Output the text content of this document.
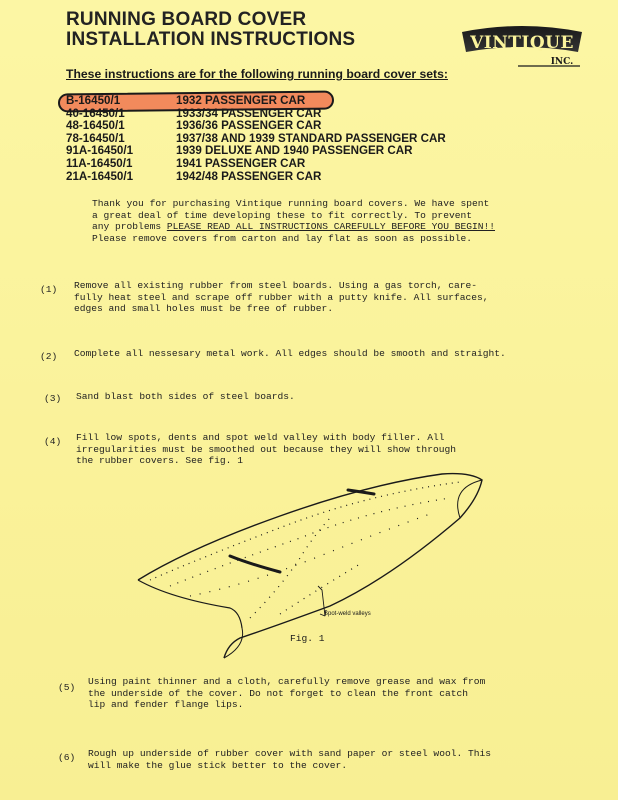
RUNNING BOARD COVER
INSTALLATION INSTRUCTIONS	VINTIQUE
INC.
These instructions are for the following running board cover sets:
B-16450/1	1932 PASSENGER CAR
40-16450/1	1933/34 PASSENGER CAR
48-16450/1	1936/36 PASSENGER CAR
78-16450/1	1937/38 AND 1939 STANDARD PASSENGER CAR
91A-16450/1	1939 DELUXE AND 1940 PASSENGER CAR
11A-16450/1	1941 PASSENGER CAR
21A-16450/1	1942/48 PASSENGER CAR
Thank you for purchasing Vintique running board covers. We have spent
a great deal of time developing these to fit correctly. To prevent
any problems PLEASE READ ALL INSTRUCTIONS CAREFULLY BEFORE YOU BEGIN!!
Please remove covers from carton and lay flat as soon as possible.
(1) Remove all existing rubber from steel boards. Using a gas torch, care-
fully heat steel and scrape off rubber with a putty knife. All surfaces,
edges and small holes must be free of rubber.
(2) Complete all nessesary metal work. All edges should be smooth and straight.
(3) Sand blast both sides of steel boards.
(4) Fill low spots, dents and spot weld valley with body filler. All
irregularities must be smoothed out because they will show through
the rubber covers. See fig. 1
Spot-weld valleys
Fig. 1
(5)
Using paint thinner and a cloth, carefully remove grease and wax from
the underside of the cover. Do not forget to clean the front catch
lip and fender flange lips.
(6) Rough up underside of rubber cover with sand paper or steel wool. This
will make the glue stick better to the cover.
